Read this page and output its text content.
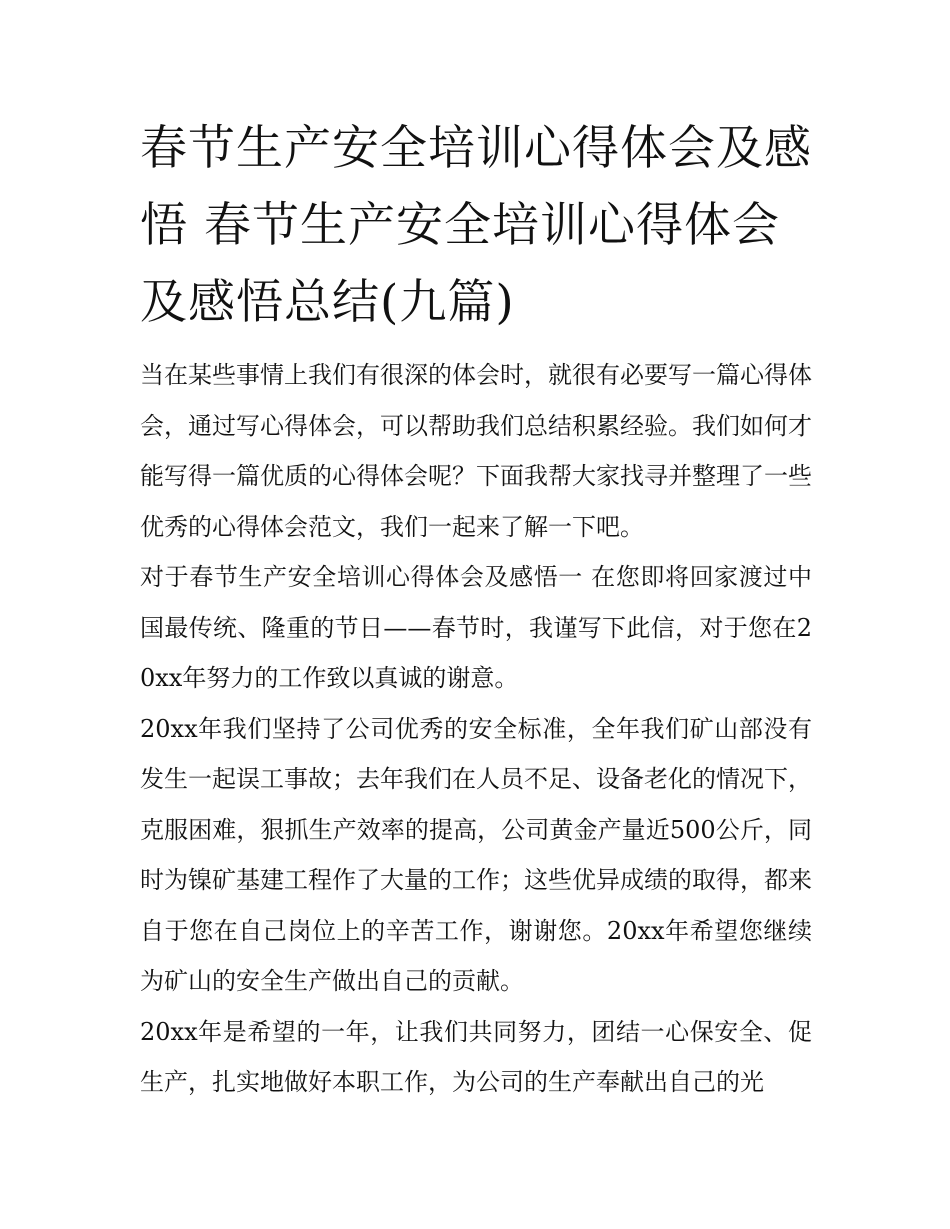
春节生产安全培训心得体会及感悟 春节生产安全培训心得体会及感悟总结(九篇)

当在某些事情上我们有很深的体会时，就很有必要写一篇心得体会，通过写心得体会，可以帮助我们总结积累经验。我们如何才能写得一篇优质的心得体会呢？下面我帮大家找寻并整理了一些优秀的心得体会范文，我们一起来了解一下吧。

对于春节生产安全培训心得体会及感悟一 在您即将回家渡过中国最传统、隆重的节日——春节时，我谨写下此信，对于您在20xx年努力的工作致以真诚的谢意。

20xx年我们坚持了公司优秀的安全标准，全年我们矿山部没有发生一起误工事故；去年我们在人员不足、设备老化的情况下，克服困难，狠抓生产效率的提高，公司黄金产量近500公斤，同时为镍矿基建工程作了大量的工作；这些优异成绩的取得，都来自于您在自己岗位上的辛苦工作，谢谢您。20xx年希望您继续为矿山的安全生产做出自己的贡献。

20xx年是希望的一年，让我们共同努力，团结一心保安全、促生产，扎实地做好本职工作，为公司的生产奉献出自己的光
